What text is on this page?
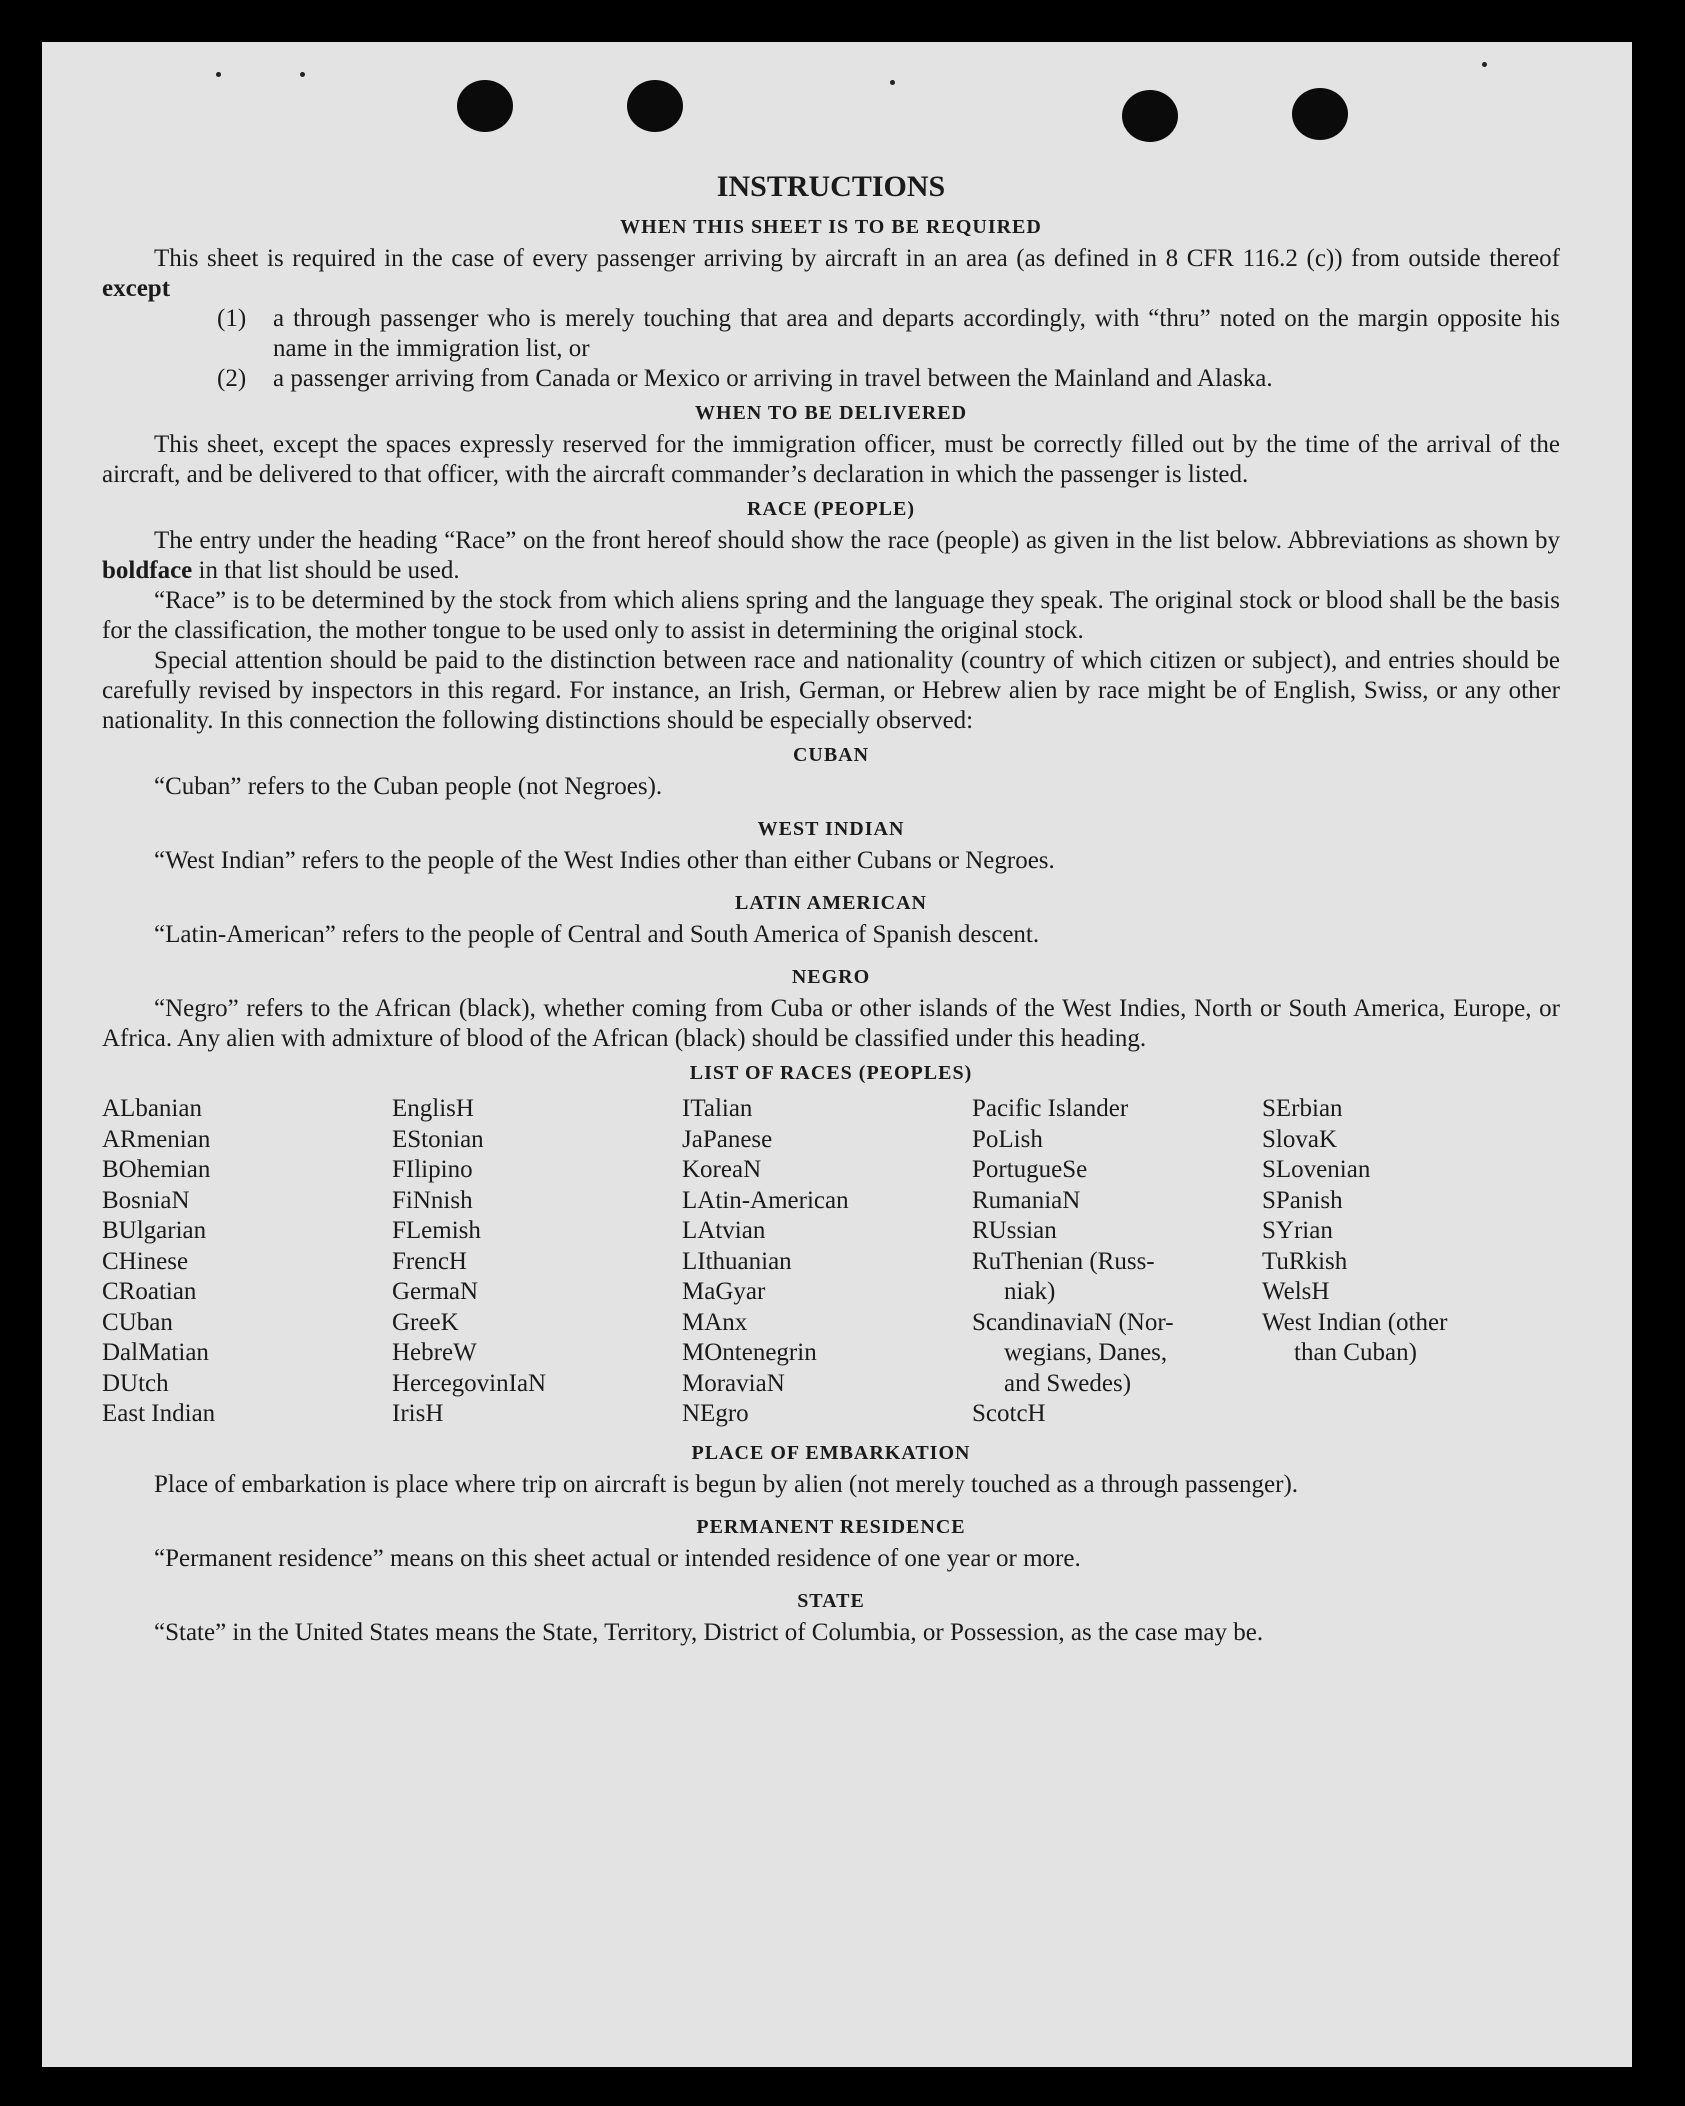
INSTRUCTIONS
WHEN THIS SHEET IS TO BE REQUIRED

This sheet is required in the case of every passenger arriving by aircraft in an area (as defined in 8 CFR 116.2 (c)) from outside thereof except

(1)	a through passenger who is merely touching that area and departs accordingly, with “thru” noted on the margin opposite his name in the immigration list, or
(2)	a passenger arriving from Canada or Mexico or arriving in travel between the Mainland and Alaska.
WHEN TO BE DELIVERED

This sheet, except the spaces expressly reserved for the immigration officer, must be correctly filled out by the time of the arrival of the aircraft, and be delivered to that officer, with the aircraft commander’s declaration in which the passenger is listed.

RACE (PEOPLE)

The entry under the heading “Race” on the front hereof should show the race (people) as given in the list below. Abbreviations as shown by boldface in that list should be used.

“Race” is to be determined by the stock from which aliens spring and the language they speak. The original stock or blood shall be the basis for the classification, the mother tongue to be used only to assist in determining the original stock.

Special attention should be paid to the distinction between race and nationality (country of which citizen or subject), and entries should be carefully revised by inspectors in this regard. For instance, an Irish, German, or Hebrew alien by race might be of English, Swiss, or any other nationality. In this connection the following distinctions should be especially observed:

CUBAN

“Cuban” refers to the Cuban people (not Negroes).

WEST INDIAN

“West Indian” refers to the people of the West Indies other than either Cubans or Negroes.

LATIN AMERICAN

“Latin-American” refers to the people of Central and South America of Spanish descent.

NEGRO

“Negro” refers to the African (black), whether coming from Cuba or other islands of the West Indies, North or South America, Europe, or Africa. Any alien with admixture of blood of the African (black) should be classified under this heading.

LIST OF RACES (PEOPLES)
ALbanian
ARmenian
BOhemian
BosniaN
BUlgarian
CHinese
CRoatian
CUban
DalMatian
DUtch
East Indian
EnglisH
EStonian
FIlipino
FiNnish
FLemish
FrencH
GermaN
GreeK
HebreW
HercegovinIaN
IrisH
ITalian
JaPanese
KoreaN
LAtin-American
LAtvian
LIthuanian
MaGyar
MAnx
MOntenegrin
MoraviaN
NEgro
Pacific Islander
PoLish
PortugueSe
RumaniaN
RUssian
RuThenian (Russ-
niak)
ScandinaviaN (Nor-
wegians, Danes,
and Swedes)
ScotcH
SErbian
SlovaK
SLovenian
SPanish
SYrian
TuRkish
WelsH
West Indian (other
than Cuban)
PLACE OF EMBARKATION

Place of embarkation is place where trip on aircraft is begun by alien (not merely touched as a through passenger).

PERMANENT RESIDENCE

“Permanent residence” means on this sheet actual or intended residence of one year or more.

STATE

“State” in the United States means the State, Territory, District of Columbia, or Possession, as the case may be.
